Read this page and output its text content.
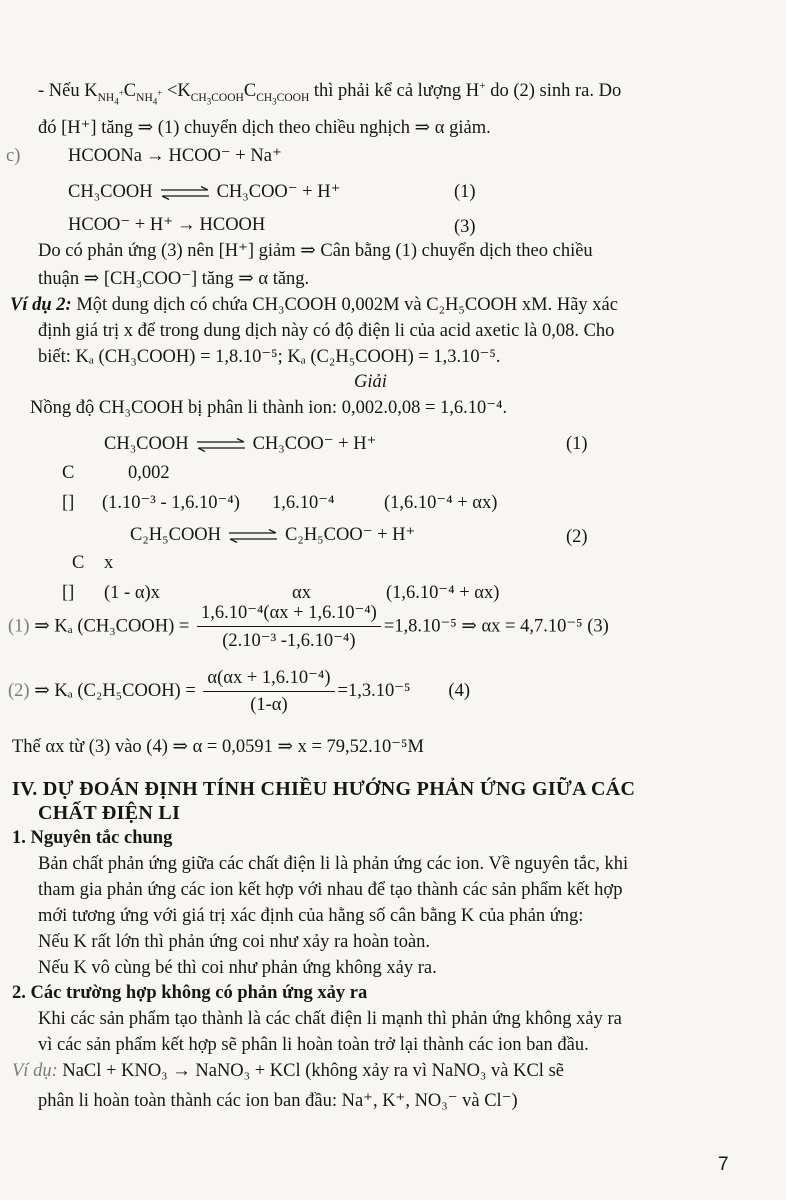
- Nếu $K_{NH_4^+}C_{NH_4^+} <K_{CH_3COOH}C_{CH_3COOH}$ thì phải kể cả lượng H+ do (2) sinh ra. Do
đó [H⁺] tăng ⇒ (1) chuyển dịch theo chiều nghịch ⇒ α giảm.
c)	HCOONa → HCOO⁻ + Na⁺
CH₃COOH ⇌ CH₃COO⁻ + H⁺	(1)
HCOO⁻ + H⁺ → HCOOH	(3)
Do có phản ứng (3) nên [H⁺] giảm ⇒ Cân bằng (1) chuyển dịch theo chiều
thuận ⇒ [CH₃COO⁻] tăng ⇒ α tăng.
Ví dụ 2: Một dung dịch có chứa CH₃COOH 0,002M và C₂H₅COOH xM. Hãy xác
định giá trị x để trong dung dịch này có độ điện li của acid axetic là 0,08. Cho
biết: Kₐ (CH₃COOH) = 1,8.10⁻⁵; Kₐ (C₂H₅COOH) = 1,3.10⁻⁵.
Giải
Nồng độ CH₃COOH bị phân li thành ion: 0,002.0,08 = 1,6.10⁻⁴.
CH₃COOH ⇌ CH₃COO⁻ + H⁺	(1)
C	0,002
[] (1.10⁻³ - 1,6.10⁻⁴) 1,6.10⁻⁴	(1,6.10⁻⁴ + αx)
C₂H₅COOH ⇌ C₂H₅COO⁻ + H⁺	(2)
C x
[] (1 - α)x	αx	(1,6.10⁻⁴ + αx)
(1) ⇒ Kₐ (CH₃COOH) = $\frac{\text{1,6.10⁻⁴(αx + 1,6.10⁻⁴)}}{\text{(2.10⁻³ -1,6.10⁻⁴)}} =1,8.10^{-5}$ ⇒ αx = 4,7.10⁻⁵ (3)
(2) ⇒ Kₐ (C₂H₅COOH) = $\frac{\text{α(αx + 1,6.10⁻⁴)}}{(1-\alpha)} =1,3.10^{-5}$ (4)
Thế αx từ (3) vào (4) ⇒ α = 0,0591 ⇒ x = 79,52.10⁻⁵M
IV. DỰ ĐOÁN ĐỊNH TÍNH CHIỀU HƯỚNG PHẢN ỨNG GIỮA CÁC
CHẤT ĐIỆN LI
1. Nguyên tắc chung
Bản chất phản ứng giữa các chất điện li là phản ứng các ion. Về nguyên tắc, khi
tham gia phản ứng các ion kết hợp với nhau để tạo thành các sản phẩm kết hợp
mới tương ứng với giá trị xác định của hằng số cân bằng K của phản ứng:
Nếu K rất lớn thì phản ứng coi như xảy ra hoàn toàn.
Nếu K vô cùng bé thì coi như phản ứng không xảy ra.
2. Các trường hợp không có phản ứng xảy ra
Khi các sản phẩm tạo thành là các chất điện li mạnh thì phản ứng không xảy ra
vì các sản phẩm kết hợp sẽ phân li hoàn toàn trở lại thành các ion ban đầu.
Ví dụ: NaCl + KNO₃ → NaNO₃ + KCl (không xảy ra vì NaNO₃ và KCl sẽ
phân li hoàn toàn thành các ion ban đầu: Na⁺, K⁺, NO₃⁻ và Cl⁻)
7
